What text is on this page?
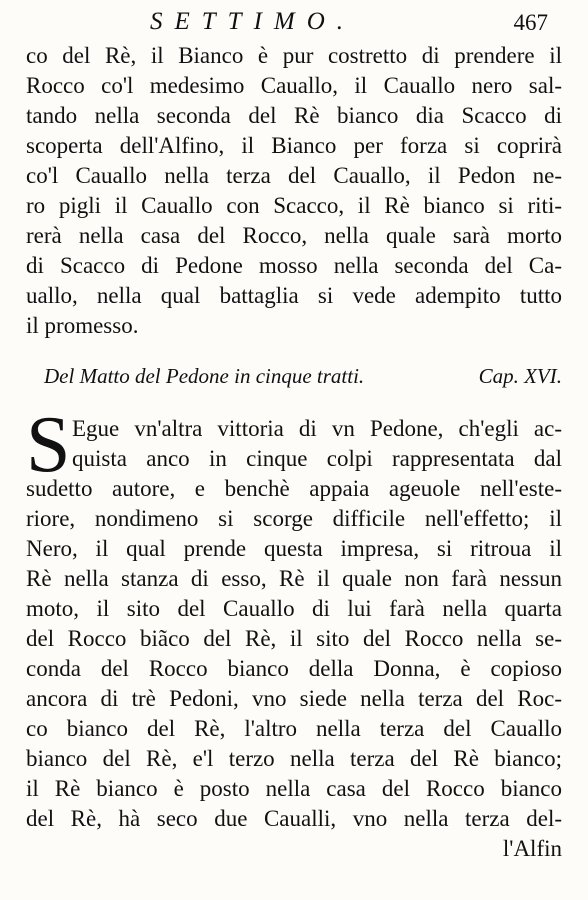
SETTIMO.	467
co del Rè, il Bianco è pur costretto di prendere il
Rocco co'l medesimo Cauallo, il Cauallo nero sal-
tando nella seconda del Rè bianco dia Scacco di
scoperta dell'Alfino, il Bianco per forza si coprirà
co'l Cauallo nella terza del Cauallo, il Pedon ne-
ro pigli il Cauallo con Scacco, il Rè bianco si riti-
rerà nella casa del Rocco, nella quale sarà morto
di Scacco di Pedone mosso nella seconda del Ca-
uallo, nella qual battaglia si vede adempito tutto
il promesso.
Del Matto del Pedone in cinque tratti.	Cap. XVI.
S Egue vn'altra vittoria di vn Pedone, ch'egli ac-
quista anco in cinque colpi rappresentata dal
sudetto autore, e benchè appaia ageuole nell'este-
riore, nondimeno si scorge difficile nell'effetto; il
Nero, il qual prende questa impresa, si ritroua il
Rè nella stanza di esso, Rè il quale non farà nessun
moto, il sito del Cauallo di lui farà nella quarta
del Rocco biãco del Rè, il sito del Rocco nella se-
conda del Rocco bianco della Donna, è copioso
ancora di trè Pedoni, vno siede nella terza del Roc-
co bianco del Rè, l'altro nella terza del Cauallo
bianco del Rè, e'l terzo nella terza del Rè bianco;
il Rè bianco è posto nella casa del Rocco bianco
del Rè, hà seco due Caualli, vno nella terza del-
l'Alfin
